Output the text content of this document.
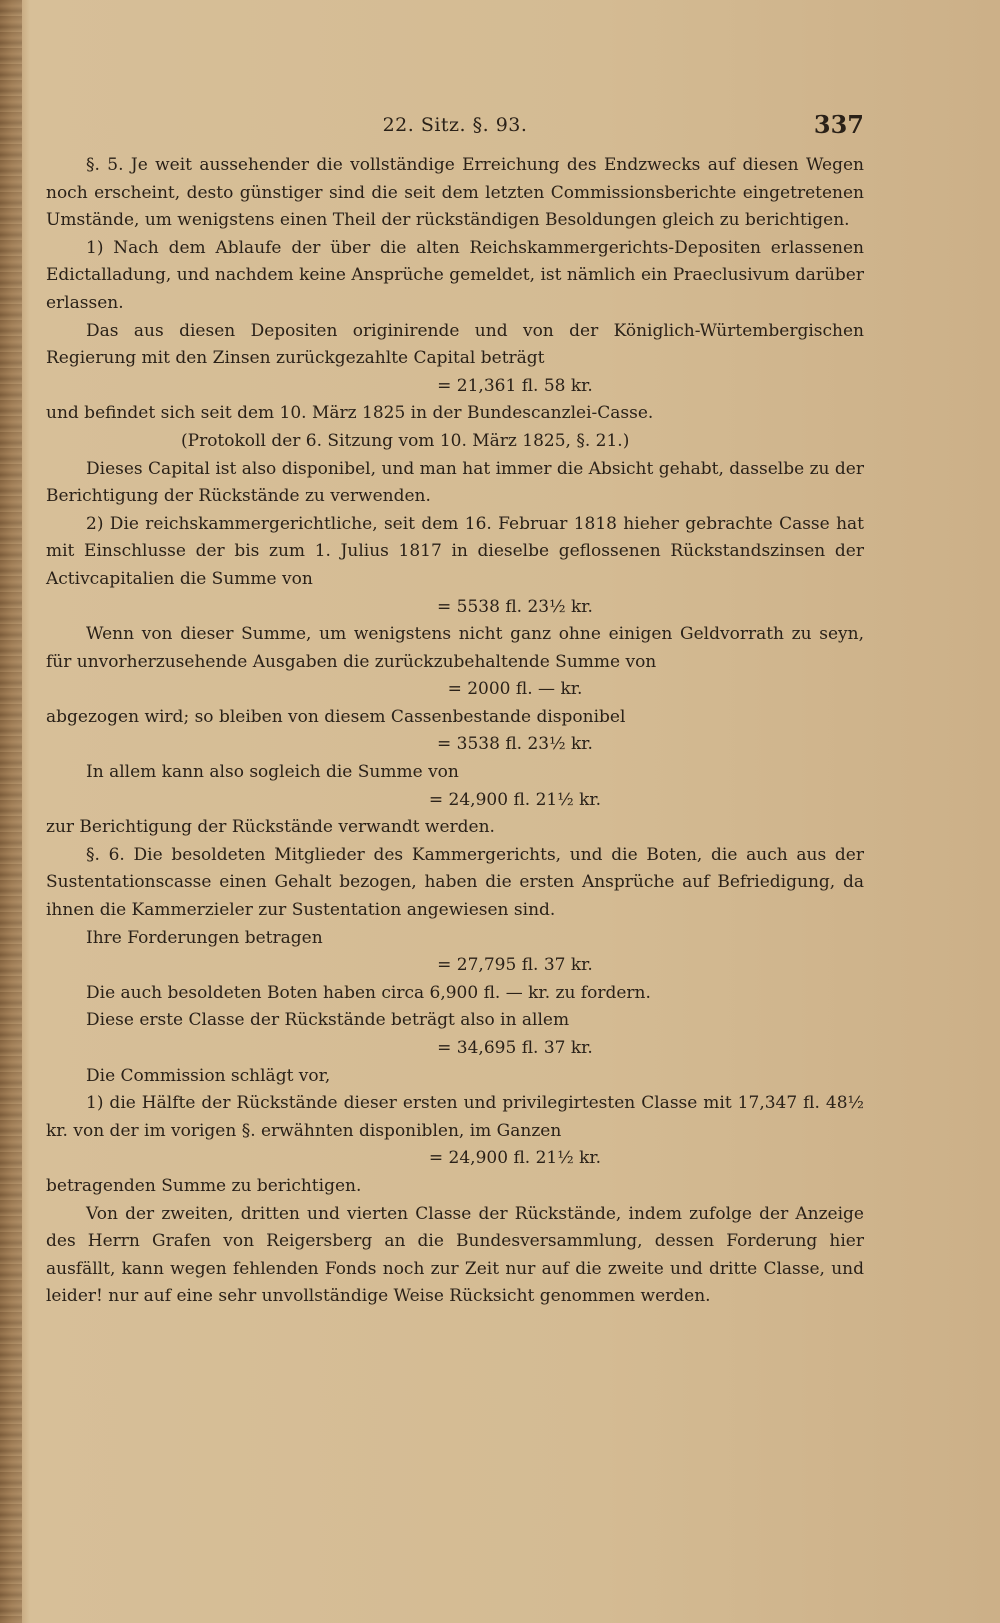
22. Sitz. §. 93.	337

§. 5. Je weit aussehender die vollständige Erreichung des Endzwecks auf diesen Wegen noch erscheint, desto günstiger sind die seit dem letzten Commissionsberichte eingetretenen Umstände, um wenigstens einen Theil der rückständigen Besoldungen gleich zu berichtigen.

1) Nach dem Ablaufe der über die alten Reichskammergerichts-Depositen erlassenen Edictalladung, und nachdem keine Ansprüche gemeldet, ist nämlich ein Praeclusivum darüber erlassen.

Das aus diesen Depositen originirende und von der Königlich-Würtembergischen Regierung mit den Zinsen zurückgezahlte Capital beträgt

= 21,361 fl. 58 kr.

und befindet sich seit dem 10. März 1825 in der Bundescanzlei-Casse.

(Protokoll der 6. Sitzung vom 10. März 1825, §. 21.)

Dieses Capital ist also disponibel, und man hat immer die Absicht gehabt, dasselbe zu der Berichtigung der Rückstände zu verwenden.

2) Die reichskammergerichtliche, seit dem 16. Februar 1818 hieher gebrachte Casse hat mit Einschlusse der bis zum 1. Julius 1817 in dieselbe geflossenen Rückstandszinsen der Activcapitalien die Summe von

= 5538 fl. 23½ kr.

Wenn von dieser Summe, um wenigstens nicht ganz ohne einigen Geldvorrath zu seyn, für unvorherzusehende Ausgaben die zurückzubehaltende Summe von

= 2000 fl. — kr.

abgezogen wird; so bleiben von diesem Cassenbestande disponibel

= 3538 fl. 23½ kr.

In allem kann also sogleich die Summe von

= 24,900 fl. 21½ kr.

zur Berichtigung der Rückstände verwandt werden.

§. 6. Die besoldeten Mitglieder des Kammergerichts, und die Boten, die auch aus der Sustentationscasse einen Gehalt bezogen, haben die ersten Ansprüche auf Befriedigung, da ihnen die Kammerzieler zur Sustentation angewiesen sind.

Ihre Forderungen betragen

= 27,795 fl. 37 kr.

Die auch besoldeten Boten haben circa 6,900 fl. — kr. zu fordern.

Diese erste Classe der Rückstände beträgt also in allem

= 34,695 fl. 37 kr.

Die Commission schlägt vor,

1) die Hälfte der Rückstände dieser ersten und privilegirtesten Classe mit 17,347 fl. 48½ kr. von der im vorigen §. erwähnten disponiblen, im Ganzen

= 24,900 fl. 21½ kr.

betragenden Summe zu berichtigen.

Von der zweiten, dritten und vierten Classe der Rückstände, indem zufolge der Anzeige des Herrn Grafen von Reigersberg an die Bundesversammlung, dessen Forderung hier ausfällt, kann wegen fehlenden Fonds noch zur Zeit nur auf die zweite und dritte Classe, und leider! nur auf eine sehr unvollständige Weise Rücksicht genommen werden.
